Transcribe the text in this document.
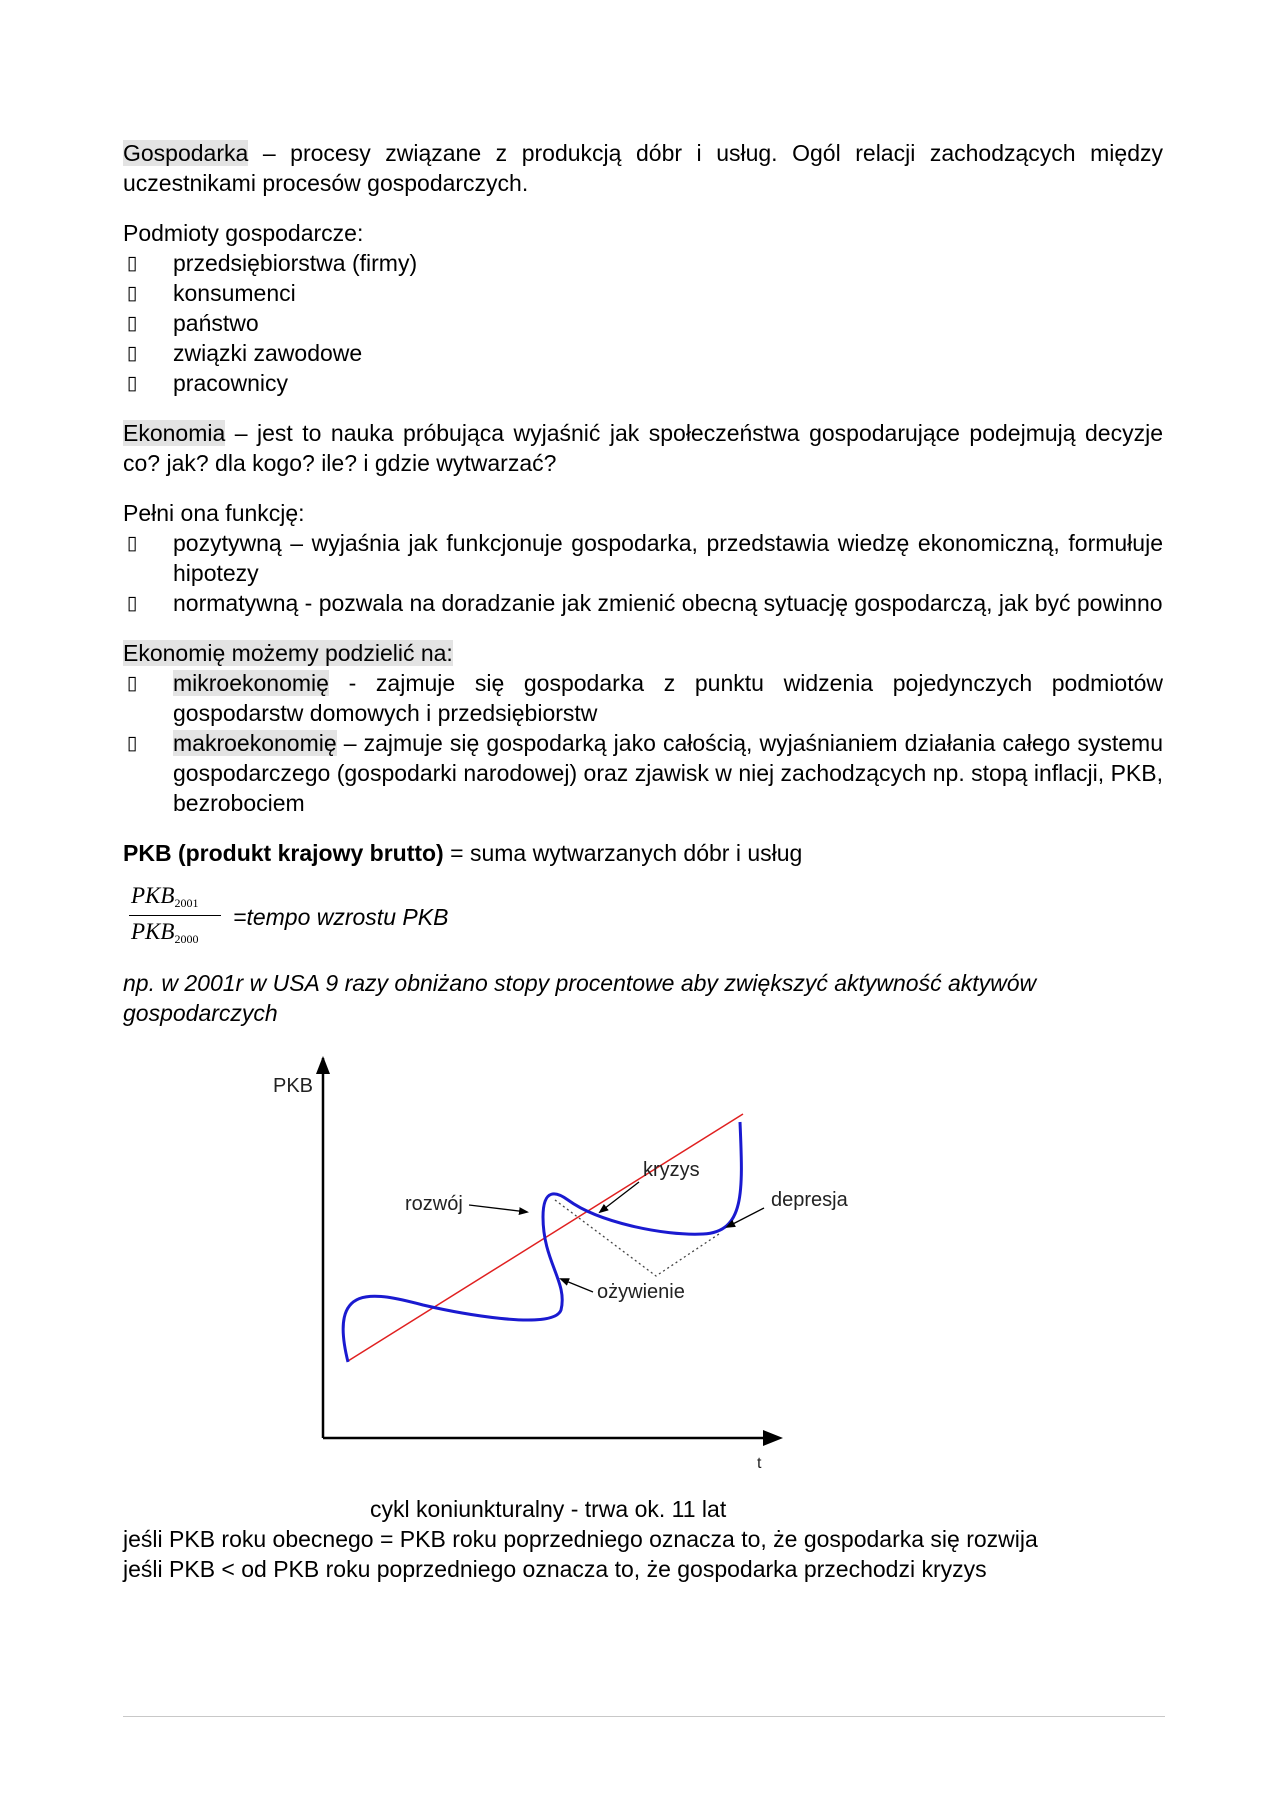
Gospodarka – procesy związane z produkcją dóbr i usług. Ogól relacji zachodzących między uczestnikami procesów gospodarczych.

Podmioty gospodarcze:

▯ przedsiębiorstwa (firmy)
▯ konsumenci
▯ państwo
▯ związki zawodowe
▯ pracownicy

Ekonomia – jest to nauka próbująca wyjaśnić jak społeczeństwa gospodarujące podejmują decyzje co? jak? dla kogo? ile? i gdzie wytwarzać?

Pełni ona funkcję:

▯ pozytywną – wyjaśnia jak funkcjonuje gospodarka, przedstawia wiedzę ekonomiczną, formułuje hipotezy
▯ normatywną - pozwala na doradzanie jak zmienić obecną sytuację gospodarczą, jak być powinno

Ekonomię możemy podzielić na:

▯ mikroekonomię - zajmuje się gospodarka z punktu widzenia pojedynczych podmiotów gospodarstw domowych i przedsiębiorstw
▯ makroekonomię – zajmuje się gospodarką jako całością, wyjaśnianiem działania całego systemu gospodarczego (gospodarki narodowej) oraz zjawisk w niej zachodzących np. stopą inflacji, PKB, bezrobociem

PKB (produkt krajowy brutto) = suma wytwarzanych dóbr i usług

$PKB_{2001}$
$PKB_{2000}$
=tempo wzrostu PKB

np. w 2001r w USA 9 razy obniżano stopy procentowe aby zwiększyć aktywność aktywów gospodarczych

PKB
t
rozwój
kryzys
depresja
ożywienie

cykl koniunkturalny - trwa ok. 11 lat

jeśli PKB roku obecnego = PKB roku poprzedniego oznacza to, że gospodarka się rozwija

jeśli PKB < od PKB roku poprzedniego oznacza to, że gospodarka przechodzi kryzys
